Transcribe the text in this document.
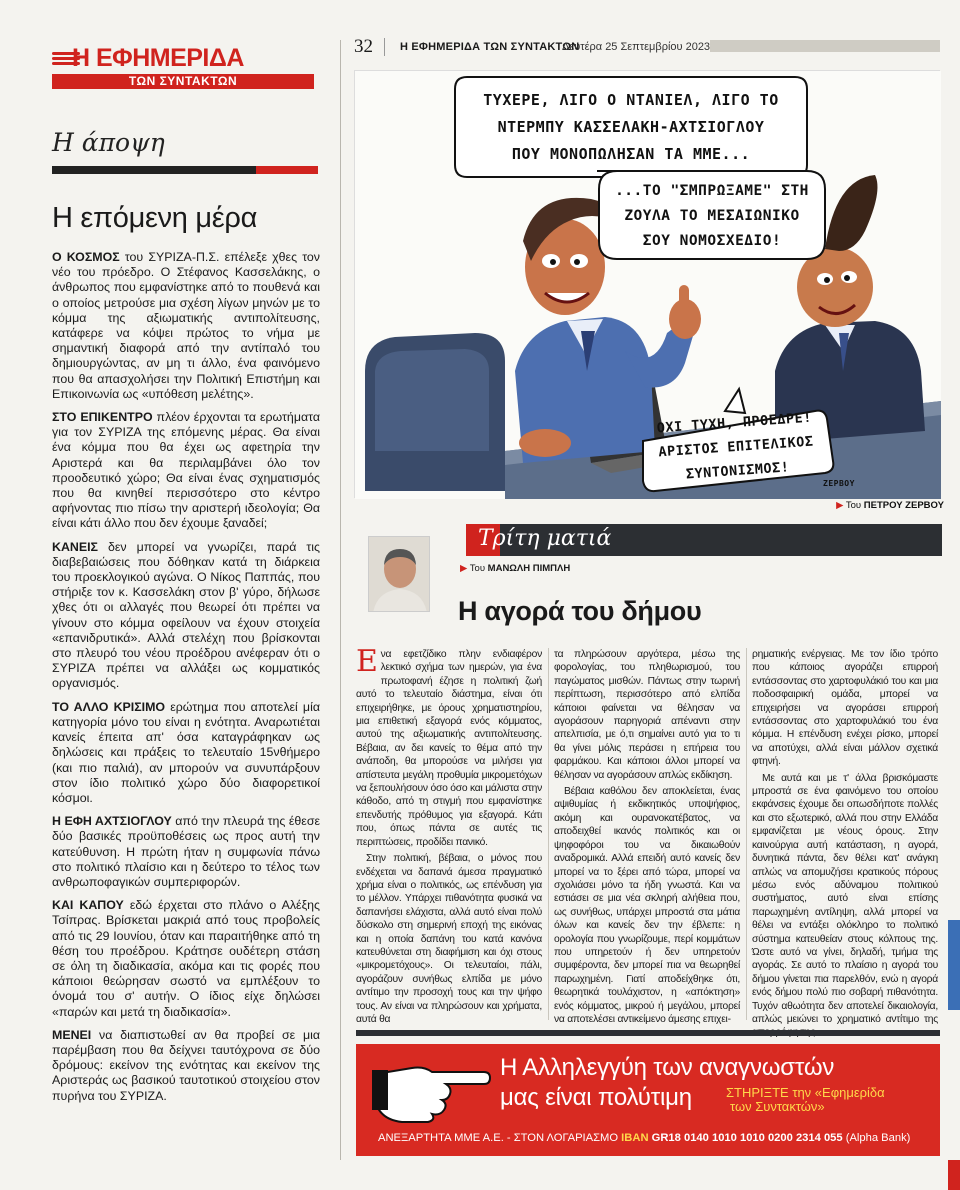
Η ΕΦΗΜΕΡΙΔΑ
ΤΩΝ ΣΥΝΤΑΚΤΩΝ
Η άποψη
Η επόμενη μέρα

Ο ΚΟΣΜΟΣ του ΣΥΡΙΖΑ-Π.Σ. επέλεξε χθες τον νέο του πρόεδρο. Ο Στέφανος Κασσελάκης, ο άνθρωπος που εμφανίστηκε από το πουθενά και ο οποίος μετρούσε μια σχέση λίγων μηνών με το κόμμα της αξιωματικής αντιπολίτευσης, κατάφερε να κόψει πρώτος το νήμα με σημαντική διαφορά από την αντίπαλό του δημιουργώντας, αν μη τι άλλο, ένα φαινόμενο που θα απασχολήσει την Πολιτική Επιστήμη και Επικοινωνία ως «υπόθεση μελέτης».

ΣΤΟ ΕΠΙΚΕΝΤΡΟ πλέον έρχονται τα ερωτήματα για τον ΣΥΡΙΖΑ της επόμενης μέρας. Θα είναι ένα κόμμα που θα έχει ως αφετηρία την Αριστερά και θα περιλαμβάνει όλο τον προοδευτικό χώρο; Θα είναι ένας σχηματισμός που θα κινηθεί περισσότερο στο κέντρο αφήνοντας πιο πίσω την αριστερή ιδεολογία; Θα είναι κάτι άλλο που δεν έχουμε ξαναδεί;

ΚΑΝΕΙΣ δεν μπορεί να γνωρίζει, παρά τις διαβεβαιώσεις που δόθηκαν κατά τη διάρκεια του προεκλογικού αγώνα. Ο Νίκος Παππάς, που στήριξε τον κ. Κασσελάκη στον β' γύρο, δήλωσε χθες ότι οι αλλαγές που θεωρεί ότι πρέπει να γίνουν στο κόμμα οφείλουν να έχουν στοιχεία «επανιδρυτικά». Αλλά στελέχη που βρίσκονται στο πλευρό του νέου προέδρου ανέφεραν ότι ο ΣΥΡΙΖΑ πρέπει να αλλάξει ως κομματικός οργανισμός.

ΤΟ ΑΛΛΟ ΚΡΙΣΙΜΟ ερώτημα που αποτελεί μία κατηγορία μόνο του είναι η ενότητα. Αναρωτιέται κανείς έπειτα απ' όσα καταγράφηκαν ως δηλώσεις και πράξεις το τελευταίο 15νθήμερο (και πιο παλιά), αν μπορούν να συνυπάρξουν στον ίδιο πολιτικό χώρο δύο διαφορετικοί κόσμοι.

Η ΕΦΗ ΑΧΤΣΙΟΓΛΟΥ από την πλευρά της έθεσε δύο βασικές προϋποθέσεις ως προς αυτή την κατεύθυνση. Η πρώτη ήταν η συμφωνία πάνω στο πολιτικό πλαίσιο και η δεύτερο το τέλος των ανθρωποφαγικών συμπεριφορών.

ΚΑΙ ΚΑΠΟΥ εδώ έρχεται στο πλάνο ο Αλέξης Τσίπρας. Βρίσκεται μακριά από τους προβολείς από τις 29 Ιουνίου, όταν και παραιτήθηκε από τη θέση του προέδρου. Κράτησε ουδέτερη στάση σε όλη τη διαδικασία, ακόμα και τις φορές που κάποιοι θεώρησαν σωστό να εμπλέξουν το όνομά του σ' αυτήν. Ο ίδιος είχε δηλώσει «παρών και μετά τη διαδικασία».

ΜΕΝΕΙ να διαπιστωθεί αν θα προβεί σε μια παρέμβαση που θα δείχνει ταυτόχρονα σε δύο δρόμους: εκείνον της ενότητας και εκείνον της Αριστεράς ως βασικού ταυτοτικού στοιχείου στον πυρήνα του ΣΥΡΙΖΑ.

32 Η ΕΦΗΜΕΡΙΔΑ ΤΩΝ ΣΥΝΤΑΚΤΩΝ
Δευτέρα 25 Σεπτεμβρίου 2023
ΤΥΧΕΡΕ, ΛΙΓΟ Ο ΝΤΑΝΙΕΛ, ΛΙΓΟ ΤΟ
ΝΤΕΡΜΠΥ ΚΑΣΣΕΛΑΚΗ-ΑΧΤΣΙΟΓΛΟΥ
ΠΟΥ ΜΟΝΟΠΩΛΗΣΑΝ ΤΑ ΜΜΕ...
...ΤΟ "ΣΜΠΡΩΞΑΜΕ" ΣΤΗ
ΖΟΥΛΑ ΤΟ ΜΕΣΑΙΩΝΙΚΟ
ΣΟΥ ΝΟΜΟΣΧΕΔΙΟ!
ΟΧΙ ΤΥΧΗ, ΠΡΟΕΔΡΕ!
ΑΡΙΣΤΟΣ ΕΠΙΤΕΛΙΚΟΣ
ΣΥΝΤΟΝΙΣΜΟΣ!
ΖΕΡΒΟΥ
▶ Του ΠΕΤΡΟΥ ΖΕΡΒΟΥ
Τρίτη ματιά
▶ Του ΜΑΝΩΛΗ ΠΙΜΠΛΗ
Η αγορά του δήμου

Ενα εφετζίδικο πλην ενδιαφέρον λεκτικό σχήμα των ημερών, για ένα πρωτοφανή έζησε η πολιτική ζωή αυτό το τελευταίο διάστημα, είναι ότι επιχειρήθηκε, με όρους χρηματιστηρίου, μια επιθετική εξαγορά ενός κόμματος, αυτού της αξιωματικής αντιπολίτευσης. Βέβαια, αν δει κανείς το θέμα από την ανάποδη, θα μπορούσε να μιλήσει για απίστευτα μεγάλη προθυμία μικρομετόχων να ξεπουλήσουν όσο όσο και μάλιστα στην κάθοδο, από τη στιγμή που εμφανίστηκε επενδυτής πρόθυμος για εξαγορά. Κάτι που, όπως πάντα σε αυτές τις περιπτώσεις, προδίδει πανικό.

Στην πολιτική, βέβαια, ο μόνος που ενδέχεται να δαπανά άμεσα πραγματικό χρήμα είναι ο πολιτικός, ως επένδυση για το μέλλον. Υπάρχει πιθανότητα φυσικά να δαπανήσει ελάχιστα, αλλά αυτό είναι πολύ δύσκολο στη σημερινή εποχή της εικόνας και η οποία δαπάνη του κατά κανόνα κατευθύνεται στη διαφήμιση και όχι στους «μικρομετόχους». Οι τελευταίοι, πάλι, αγοράζουν συνήθως ελπίδα με μόνο αντίτιμο την προσοχή τους και την ψήφο τους. Αν είναι να πληρώσουν και χρήματα, αυτά θα

τα πληρώσουν αργότερα, μέσω της φορολογίας, του πληθωρισμού, του παγώματος μισθών. Πάντως στην τωρινή περίπτωση, περισσότερο από ελπίδα κάποιοι φαίνεται να θέλησαν να αγοράσουν παρηγοριά απέναντι στην απελπισία, με ό,τι σημαίνει αυτό για το τι θα γίνει μόλις περάσει η επήρεια του φαρμάκου. Και κάποιοι άλλοι μπορεί να θέλησαν να αγοράσουν απλώς εκδίκηση.

Βέβαια καθόλου δεν αποκλείεται, ένας αψιθυμίας ή εκδικητικός υποψήφιος, ακόμη και ουρανοκατέβατος, να αποδειχθεί ικανός πολιτικός και οι ψηφοφόροι του να δικαιωθούν αναδρομικά. Αλλά επειδή αυτό κανείς δεν μπορεί να το ξέρει από τώρα, μπορεί να σχολιάσει μόνο τα ήδη γνωστά. Και να εστιάσει σε μια νέα σκληρή αλήθεια που, ως συνήθως, υπάρχει μπροστά στα μάτια όλων και κανείς δεν την έβλεπε: η ορολογία που γνωρίζουμε, περί κομμάτων που υπηρετούν ή δεν υπηρετούν συμφέροντα, δεν μπορεί πια να θεωρηθεί παρωχημένη. Γιατί αποδείχθηκε ότι, θεωρητικά τουλάχιστον, η «απόκτηση» ενός κόμματος, μικρού ή μεγάλου, μπορεί να αποτελέσει αντικείμενο άμεσης επιχει-

ρηματικής ενέργειας. Με τον ίδιο τρόπο που κάποιος αγοράζει επιρροή εντάσσοντας στο χαρτοφυλάκιό του και μια ποδοσφαιρική ομάδα, μπορεί να επιχειρήσει να αγοράσει επιρροή εντάσσοντας στο χαρτοφυλάκιό του ένα κόμμα. Η επένδυση ενέχει ρίσκο, μπορεί να αποτύχει, αλλά είναι μάλλον σχετικά φτηνή.

Με αυτά και με τ' άλλα βρισκόμαστε μπροστά σε ένα φαινόμενο του οποίου εκφάνσεις έχουμε δει οπωσδήποτε πολλές και στο εξωτερικό, αλλά που στην Ελλάδα εμφανίζεται με νέους όρους. Στην καινούργια αυτή κατάσταση, η αγορά, δυνητικά πάντα, δεν θέλει κατ' ανάγκη απλώς να απομυζήσει κρατικούς πόρους μέσω ενός αδύναμου πολιτικού συστήματος, αυτό είναι επίσης παρωχημένη αντίληψη, αλλά μπορεί να θέλει να εντάξει ολόκληρο το πολιτικό σύστημα κατευθείαν στους κόλπους της. Ώστε αυτό να γίνει, δηλαδή, τμήμα της αγοράς. Σε αυτό το πλαίσιο η αγορά του δήμου γίνεται πια παρελθόν, ενώ η αγορά ενός δήμου πολύ πιο σοβαρή πιθανότητα. Τυχόν αθωότητα δεν αποτελεί δικαιολογία, απλώς μειώνει το χρηματικό αντίτιμο της

Η Αλληλεγγύη των αναγνωστών
μας είναι πολύτιμη	ΣΤΗΡΙΞΤΕ την «Εφημερίδα
των Συντακτών»
ΑΝΕΞΑΡΤΗΤΑ ΜΜΕ Α.Ε. - ΣΤΟΝ ΛΟΓΑΡΙΑΣΜΟ IBAN GR18 0140 1010 1010 0200 2314 055 (Alpha Bank)
